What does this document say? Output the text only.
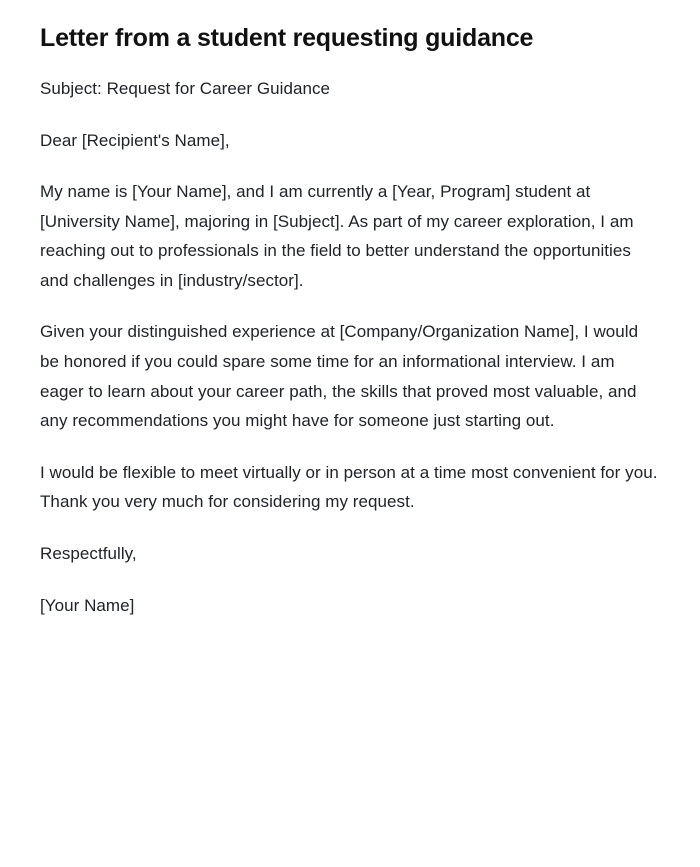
Letter from a student requesting guidance

Subject: Request for Career Guidance

Dear [Recipient's Name],

My name is [Your Name], and I am currently a [Year, Program] student at [University Name], majoring in [Subject]. As part of my career exploration, I am reaching out to professionals in the field to better understand the opportunities and challenges in [industry/sector].

Given your distinguished experience at [Company/Organization Name], I would be honored if you could spare some time for an informational interview. I am eager to learn about your career path, the skills that proved most valuable, and any recommendations you might have for someone just starting out.

I would be flexible to meet virtually or in person at a time most convenient for you. Thank you very much for considering my request.

Respectfully,

[Your Name]
